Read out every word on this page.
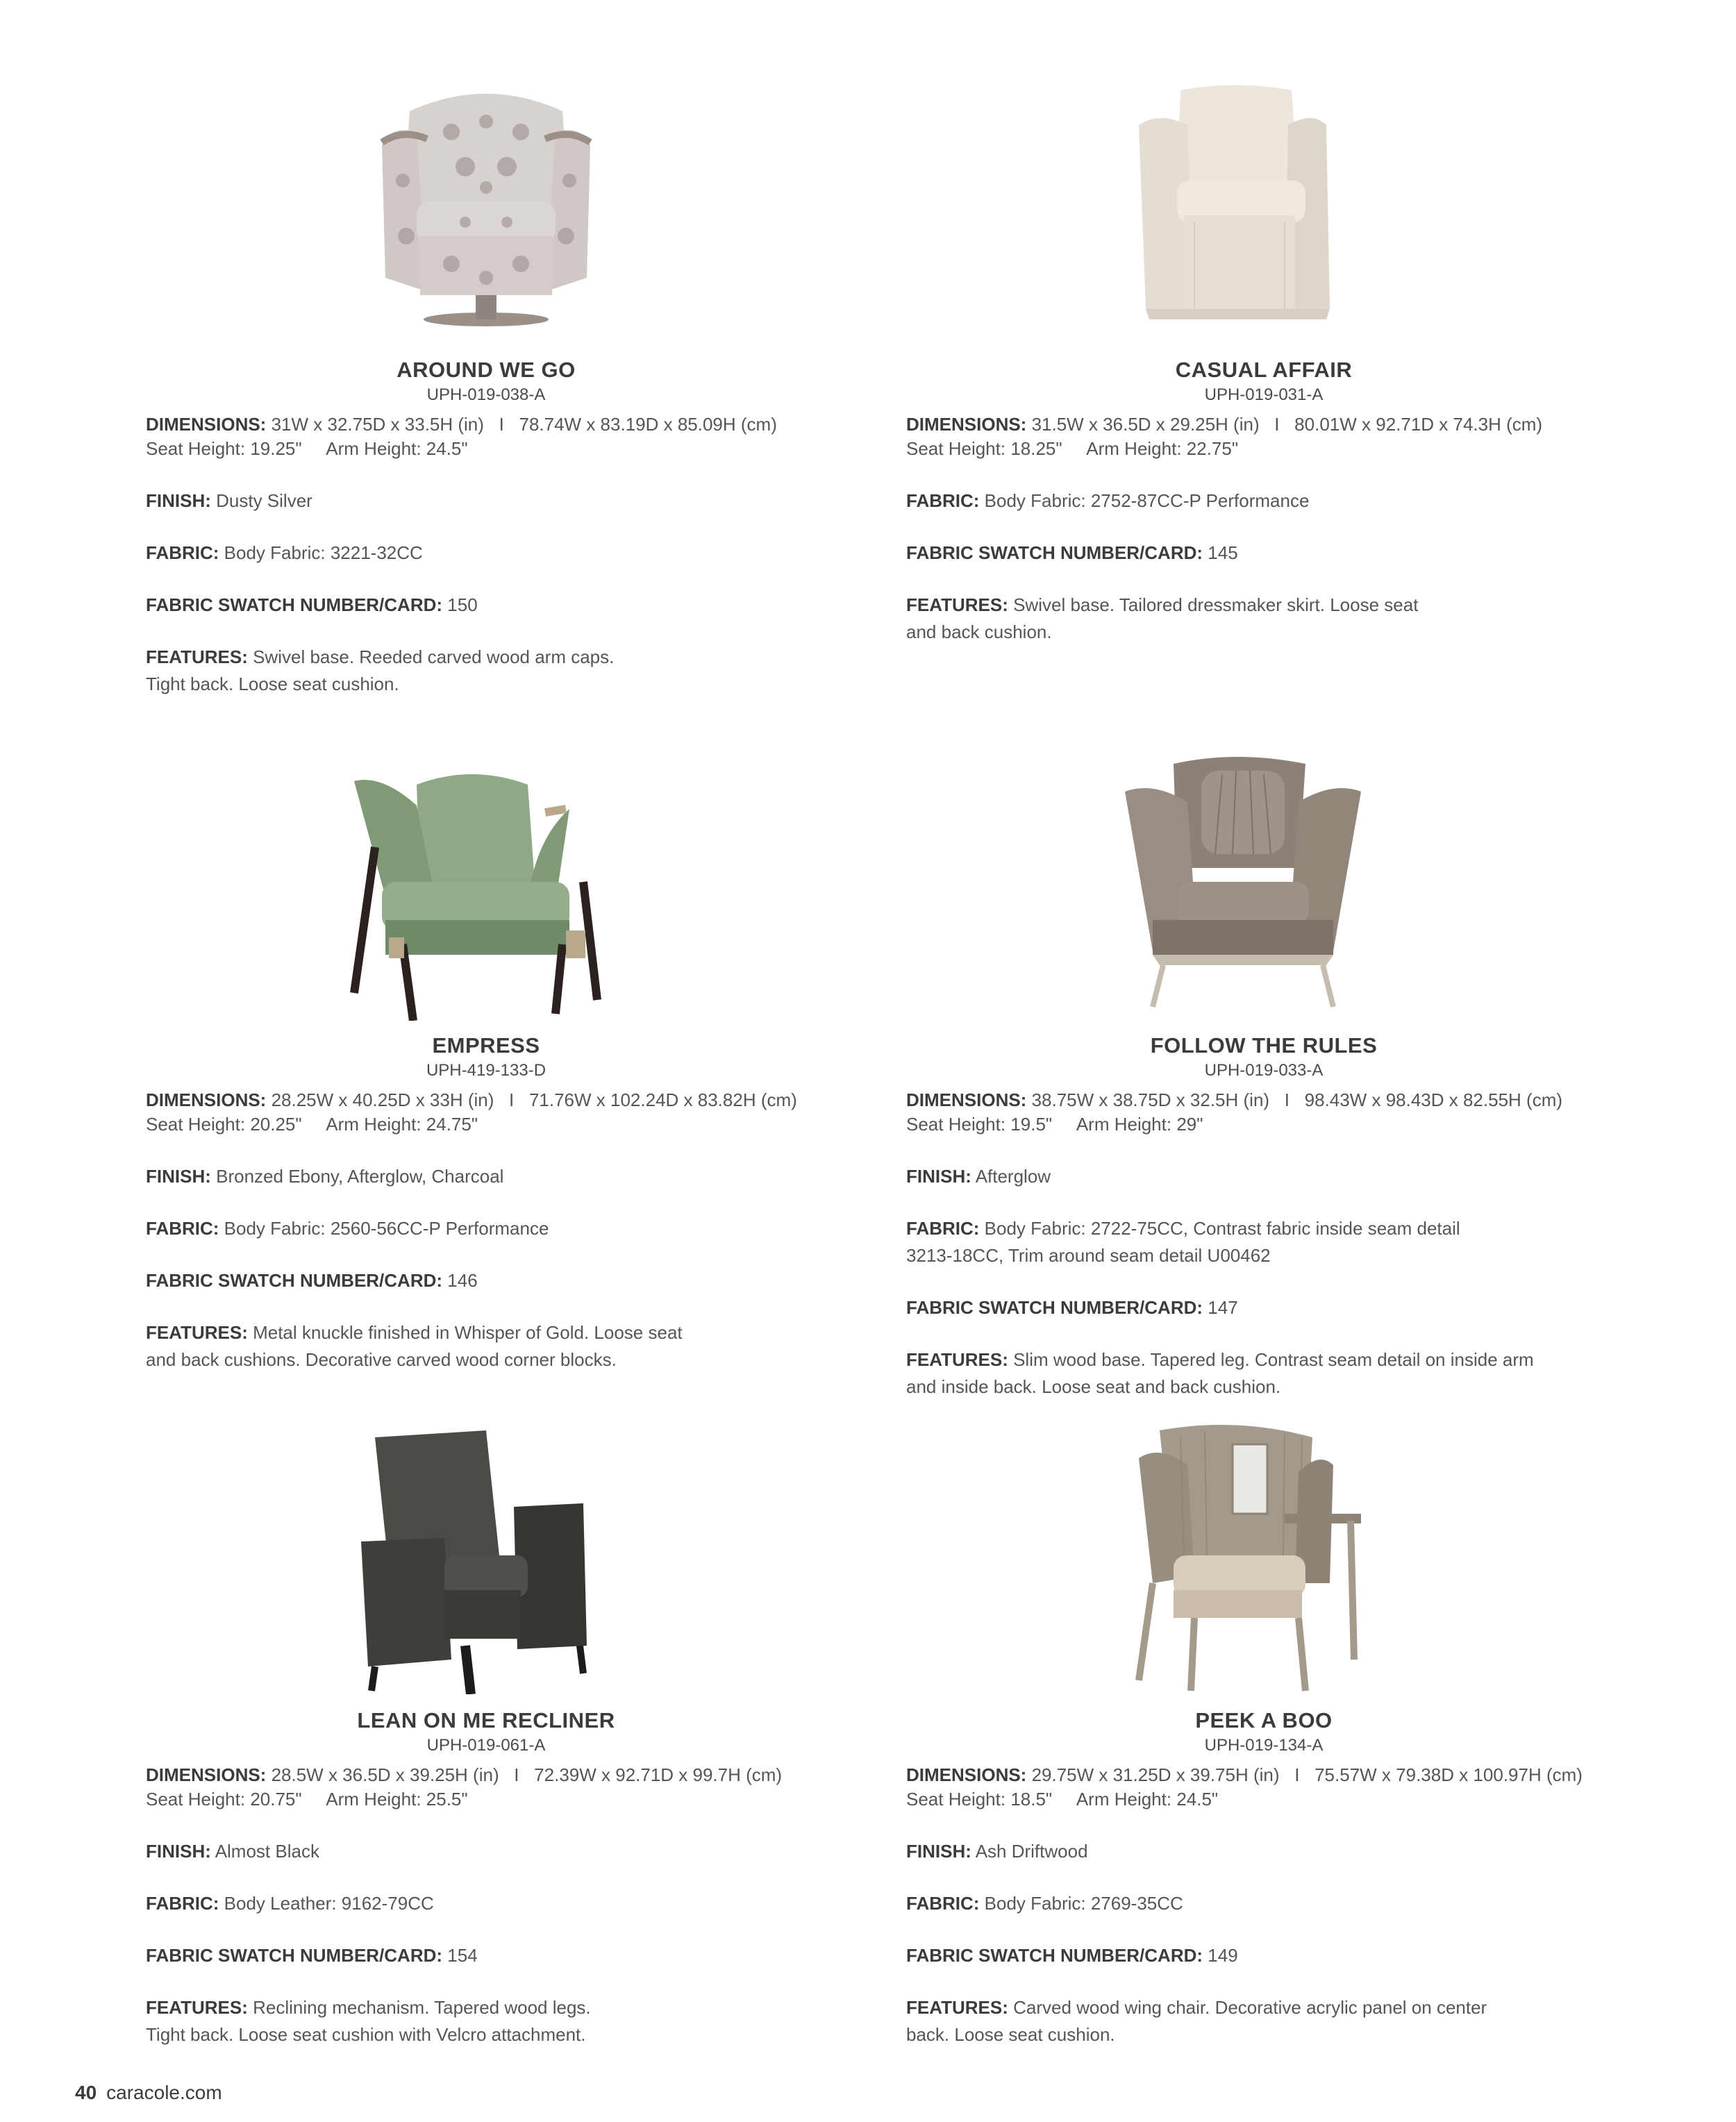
AROUND WE GO
UPH-019-038-A
DIMENSIONS: 31W x 32.75D x 33.5H (in)   I   78.74W x 83.19D x 85.09H (cm)
Seat Height: 19.25"     Arm Height: 24.5"
FINISH: Dusty Silver
FABRIC: Body Fabric: 3221-32CC
FABRIC SWATCH NUMBER/CARD: 150
FEATURES: Swivel base. Reeded carved wood arm caps.
Tight back. Loose seat cushion.
CASUAL AFFAIR
UPH-019-031-A
DIMENSIONS: 31.5W x 36.5D x 29.25H (in)   I   80.01W x 92.71D x 74.3H (cm)
Seat Height: 18.25"     Arm Height: 22.75"
FABRIC: Body Fabric: 2752-87CC-P Performance
FABRIC SWATCH NUMBER/CARD: 145
FEATURES: Swivel base. Tailored dressmaker skirt. Loose seat
and back cushion.
EMPRESS
UPH-419-133-D
DIMENSIONS: 28.25W x 40.25D x 33H (in)   I   71.76W x 102.24D x 83.82H (cm)
Seat Height: 20.25"     Arm Height: 24.75"
FINISH: Bronzed Ebony, Afterglow, Charcoal
FABRIC: Body Fabric: 2560-56CC-P Performance
FABRIC SWATCH NUMBER/CARD: 146
FEATURES: Metal knuckle finished in Whisper of Gold. Loose seat
and back cushions. Decorative carved wood corner blocks.
FOLLOW THE RULES
UPH-019-033-A
DIMENSIONS: 38.75W x 38.75D x 32.5H (in)   I   98.43W x 98.43D x 82.55H (cm)
Seat Height: 19.5"     Arm Height: 29"
FINISH: Afterglow
FABRIC: Body Fabric: 2722-75CC, Contrast fabric inside seam detail
3213-18CC, Trim around seam detail U00462
FABRIC SWATCH NUMBER/CARD: 147
FEATURES: Slim wood base. Tapered leg. Contrast seam detail on inside arm
and inside back. Loose seat and back cushion.
LEAN ON ME RECLINER
UPH-019-061-A
DIMENSIONS: 28.5W x 36.5D x 39.25H (in)   I   72.39W x 92.71D x 99.7H (cm)
Seat Height: 20.75"     Arm Height: 25.5"
FINISH: Almost Black
FABRIC: Body Leather: 9162-79CC
FABRIC SWATCH NUMBER/CARD: 154
FEATURES: Reclining mechanism. Tapered wood legs.
Tight back. Loose seat cushion with Velcro attachment.
PEEK A BOO
UPH-019-134-A
DIMENSIONS: 29.75W x 31.25D x 39.75H (in)   I   75.57W x 79.38D x 100.97H (cm)
Seat Height: 18.5"     Arm Height: 24.5"
FINISH: Ash Driftwood
FABRIC: Body Fabric: 2769-35CC
FABRIC SWATCH NUMBER/CARD: 149
FEATURES: Carved wood wing chair. Decorative acrylic panel on center
back. Loose seat cushion.
40 caracole.com
